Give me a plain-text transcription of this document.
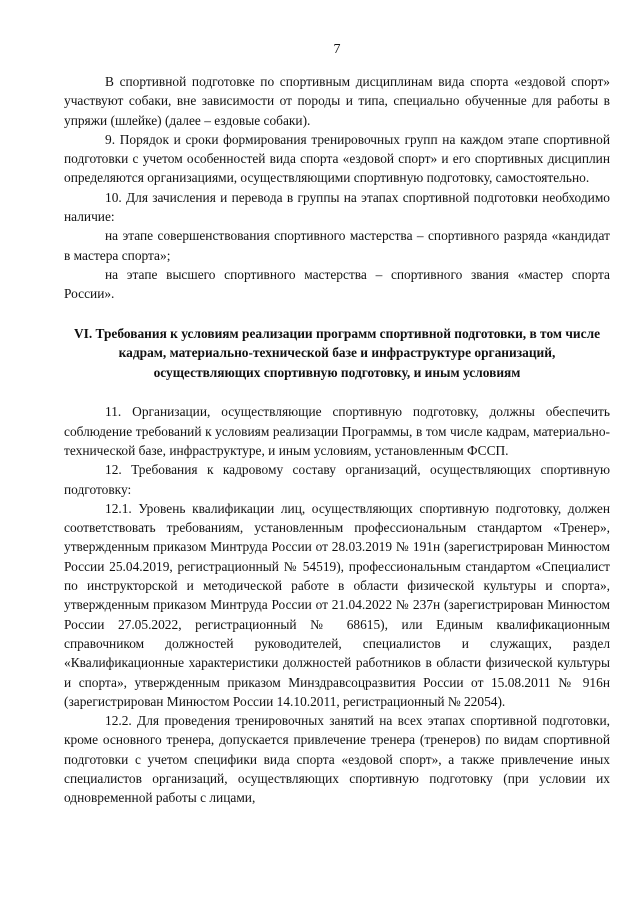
7

В спортивной подготовке по спортивным дисциплинам вида спорта «ездовой спорт» участвуют собаки, вне зависимости от породы и типа, специально обученные для работы в упряжи (шлейке) (далее – ездовые собаки).

9. Порядок и сроки формирования тренировочных групп на каждом этапе спортивной подготовки с учетом особенностей вида спорта «ездовой спорт» и его спортивных дисциплин определяются организациями, осуществляющими спортивную подготовку, самостоятельно.

10. Для зачисления и перевода в группы на этапах спортивной подготовки необходимо наличие:

на этапе совершенствования спортивного мастерства – спортивного разряда «кандидат в мастера спорта»;

на этапе высшего спортивного мастерства – спортивного звания «мастер спорта России».

VI. Требования к условиям реализации программ спортивной подготовки, в том числе кадрам, материально-технической базе и инфраструктуре организаций, осуществляющих спортивную подготовку, и иным условиям

11. Организации, осуществляющие спортивную подготовку, должны обеспечить соблюдение требований к условиям реализации Программы, в том числе кадрам, материально-технической базе, инфраструктуре, и иным условиям, установленным ФССП.

12. Требования к кадровому составу организаций, осуществляющих спортивную подготовку:

12.1. Уровень квалификации лиц, осуществляющих спортивную подготовку, должен соответствовать требованиям, установленным профессиональным стандартом «Тренер», утвержденным приказом Минтруда России от 28.03.2019 № 191н (зарегистрирован Минюстом России 25.04.2019, регистрационный № 54519), профессиональным стандартом «Специалист по инструкторской и методической работе в области физической культуры и спорта», утвержденным приказом Минтруда России от 21.04.2022 № 237н (зарегистрирован Минюстом России 27.05.2022, регистрационный № 68615), или Единым квалификационным справочником должностей руководителей, специалистов и служащих, раздел «Квалификационные характеристики должностей работников в области физической культуры и спорта», утвержденным приказом Минздравсоцразвития России от 15.08.2011 № 916н (зарегистрирован Минюстом России 14.10.2011, регистрационный № 22054).

12.2. Для проведения тренировочных занятий на всех этапах спортивной подготовки, кроме основного тренера, допускается привлечение тренера (тренеров) по видам спортивной подготовки с учетом специфики вида спорта «ездовой спорт», а также привлечение иных специалистов организаций, осуществляющих спортивную подготовку (при условии их одновременной работы с лицами,
